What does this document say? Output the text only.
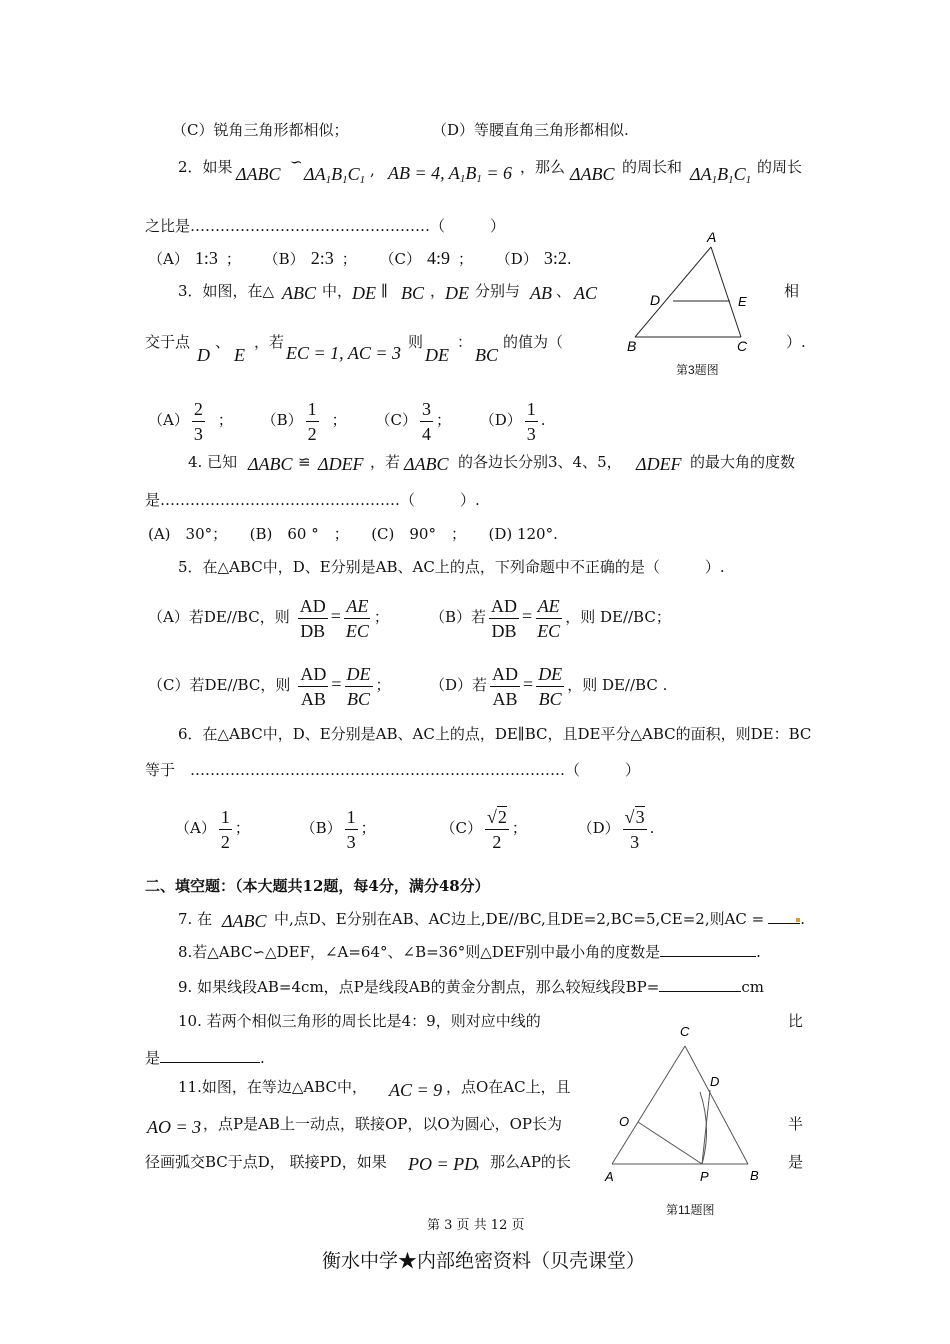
（C）锐角三角形都相似；	（D）等腰直角三角形都相似.
2．如果 ΔABC
∽
$\Delta A_1B_1C_1$
, AB = 4, $A_1B_1 = 6$ ，那么 ΔABC 的周长和 $\Delta A_1B_1C_1$
的周长
之比是…………………………………………（　　　）
（A） 1:3 ； （B） 2:3 ； （C） 4:9 ； （D） 3:2.
3．如图，在△ ABC 中， DE ∥ BC ， DE 分别与 AB 、 AC	相
交于点
D
、
E
，若
EC = 1, AC = 3
则
DE
：
BC
的值为（	）.
$(A) \frac{2}{3}$ ； $(B) \frac{1}{2}$ ； $(C) \frac{3}{4}$ ； $(D) \frac{1}{3}$ .
A
D	E
B	C
第3题图
4. 已知 ΔABC ≌ ΔDEF ，若 ΔABC 的各边长分别3、4、5， ΔDEF 的最大角的度数
是…………………………………………（　　　）.
(A)　30°；　　(B)　60 °　；　　(C)　90°　；　　(D) 120°.
5．在△ABC中，D、E分别是AB、AC上的点，下列命题中不正确的是（　　　）.
（A）若DE//BC，则 $\frac{AD}{DB} = \frac{AE}{EC}$ ；	（B）若 $\frac{AD}{DB} = \frac{AE}{EC}$ ，则 DE//BC；
（C）若DE//BC，则 $\frac{AD}{AB} = \frac{DE}{BC}$ ；	（D）若 $\frac{AD}{AB} = \frac{DE}{BC}$ ，则 DE//BC .
6．在△ABC中，D、E分别是AB、AC上的点，DE∥BC，且DE平分△ABC的面积，则DE：BC
等于　…………………………………………………………………（　　　）
$(A) \frac{1}{2}$ ；	$(B) \frac{1}{3}$ ；	$(C) \frac{√2}{2}$ ；	$(D) \frac{√3}{3}$ .
二、填空题：（本大题共12题，每4分，满分48分）
7. 在 ΔABC 中,点D、E分别在AB、AC边上,DE//BC,且DE=2,BC=5,CE=2,则AC = .
8.若△ABC∽△DEF，∠A=64°、∠B=36°则△DEF别中最小角的度数是	.
9. 如果线段AB=4cm，点P是线段AB的黄金分割点，那么较短线段BP=	cm
10. 若两个相似三角形的周长比是4：9，则对应中线的	比
是	.
11.如图，在等边△ABC中， AC = 9 ，点O在AC上，且
AO = 3 ，点P是AB上一动点，联接OP，以O为圆心，OP长为	半
径画弧交BC于点D， 联接PD，如果 PO = PD
，那么AP的长	是
C
D
O
A	P	B
第11题图
第 3 页 共 12 页
衡水中学★内部绝密资料（贝壳课堂）
